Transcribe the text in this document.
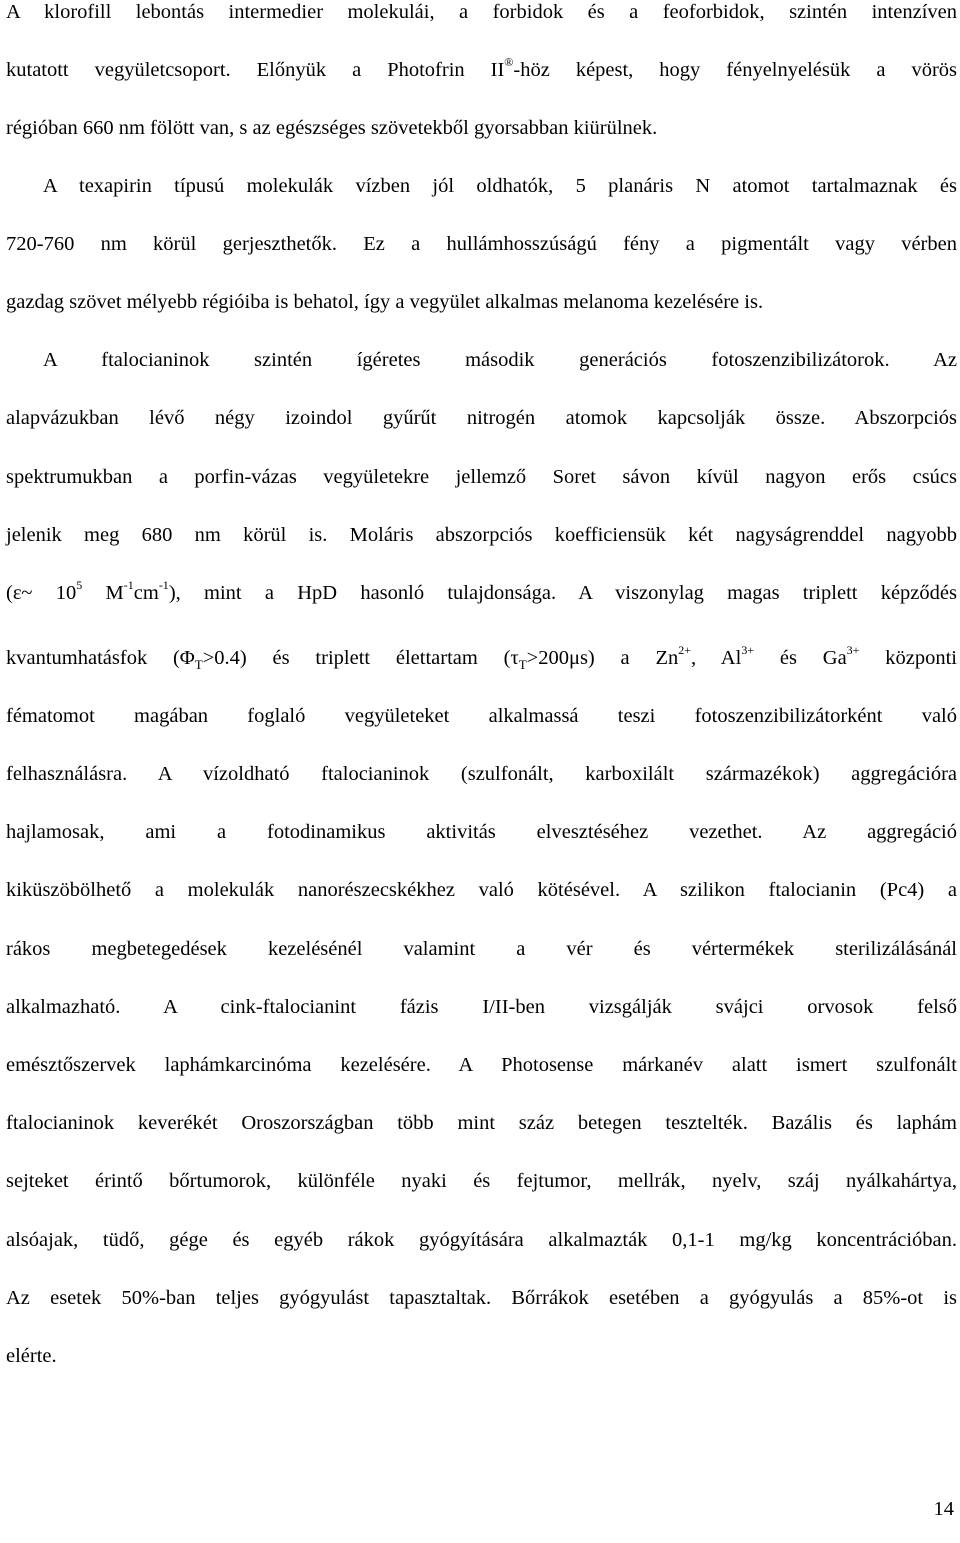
A klorofill lebontás intermedier molekulái, a forbidok és a feoforbidok, szintén intenzíven
kutatott vegyületcsoport. Előnyük a Photofrin II®-höz képest, hogy fényelnyelésük a vörös
régióban 660 nm fölött van, s az egészséges szövetekből gyorsabban kiürülnek.
A texapirin típusú molekulák vízben jól oldhatók, 5 planáris N atomot tartalmaznak és
720-760 nm körül gerjeszthetők. Ez a hullámhosszúságú fény a pigmentált vagy vérben
gazdag szövet mélyebb régióiba is behatol, így a vegyület alkalmas melanoma kezelésére is.
A ftalocianinok szintén ígéretes második generációs fotoszenzibilizátorok. Az
alapvázukban lévő négy izoindol gyűrűt nitrogén atomok kapcsolják össze. Abszorpciós
spektrumukban a porfin-vázas vegyületekre jellemző Soret sávon kívül nagyon erős csúcs
jelenik meg 680 nm körül is. Moláris abszorpciós koefficiensük két nagyságrenddel nagyobb
(ε~ $10^5$ $M^{-1}cm^{-1}$), mint a HpD hasonló tulajdonsága. A viszonylag magas triplett képződés
kvantumhatásfok $(\Phi_T>0.4)$ és triplett élettartam $(\tau_T>200\mu s)$ a $Zn^{2+}$, $Al^{3+}$ és $Ga^{3+}$ központi
fématomot magában foglaló vegyületeket alkalmassá teszi fotoszenzibilizátorként való
felhasználásra. A vízoldható ftalocianinok (szulfonált, karboxilált származékok) aggregációra
hajlamosak, ami a fotodinamikus aktivitás elvesztéséhez vezethet. Az aggregáció
kiküszöbölhető a molekulák nanorészecskékhez való kötésével. A szilikon ftalocianin (Pc4) a
rákos megbetegedések kezelésénél valamint a vér és vértermékek sterilizálásánál
alkalmazható. A cink-ftalocianint fázis I/II-ben vizsgálják svájci orvosok felső
emésztőszervek laphámkarcinóma kezelésére. A Photosense márkanév alatt ismert szulfonált
ftalocianinok keverékét Oroszországban több mint száz betegen tesztelték. Bazális és laphám
sejteket érintő bőrtumorok, különféle nyaki és fejtumor, mellrák, nyelv, száj nyálkahártya,
alsóajak, tüdő, gége és egyéb rákok gyógyítására alkalmazták 0,1-1 mg/kg koncentrációban.
Az esetek 50%-ban teljes gyógyulást tapasztaltak. Bőrrákok esetében a gyógyulás a 85%-ot is
elérte.
14
